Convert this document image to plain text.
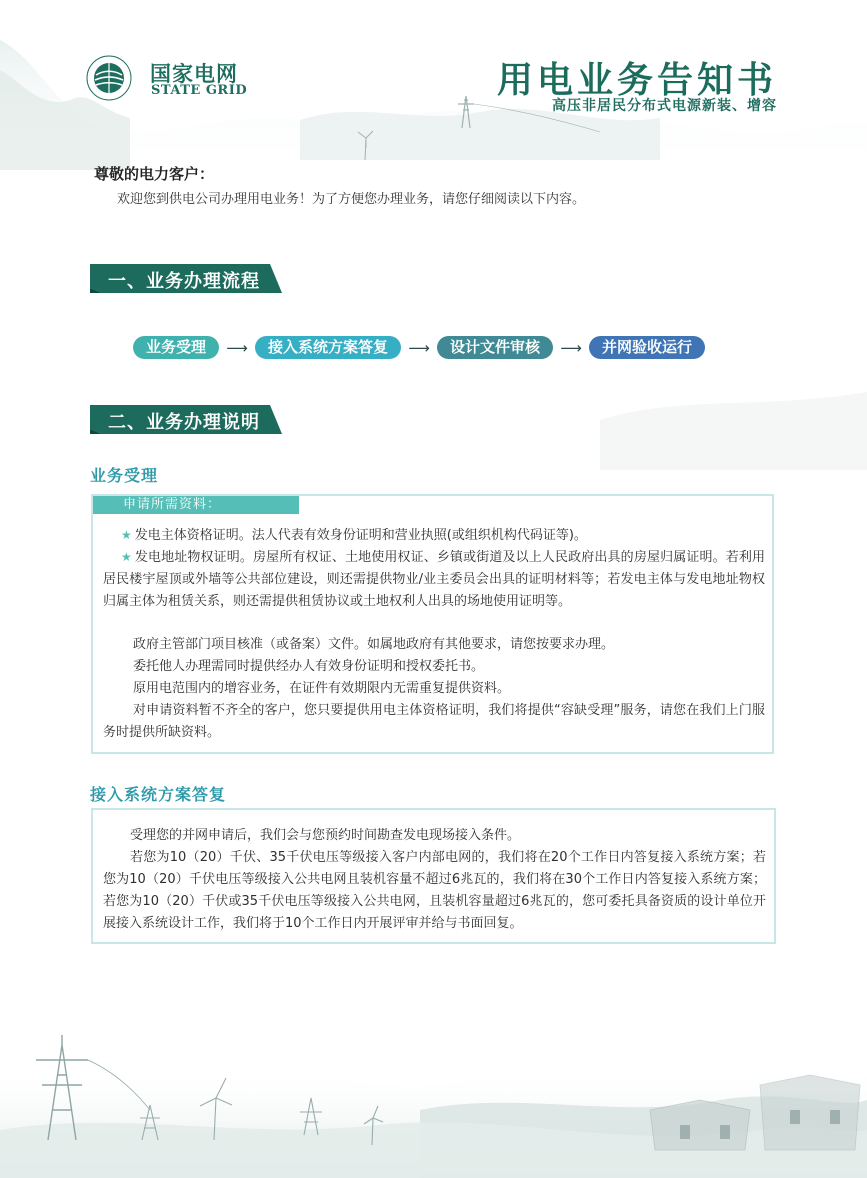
国家电网
STATE GRID	用电业务告知书
高压非居民分布式电源新装、增容
尊敬的电力客户：
欢迎您到供电公司办理用电业务！为了方便您办理业务，请您仔细阅读以下内容。
一、业务办理流程
业务受理	⟶	接入系统方案答复	⟶	设计文件审核	⟶	并网验收运行
二、业务办理说明
业务受理
申请所需资料：
★ 发电主体资格证明。法人代表有效身份证明和营业执照(或组织机构代码证等)。
★ 发电地址物权证明。房屋所有权证、土地使用权证、乡镇或街道及以上人民政府出具的房屋归属证明。若利用居民楼宇屋顶或外墙等公共部位建设，则还需提供物业/业主委员会出具的证明材料等；若发电主体与发电地址物权归属主体为租赁关系，则还需提供租赁协议或土地权利人出具的场地使用证明等。
政府主管部门项目核准（或备案）文件。如属地政府有其他要求，请您按要求办理。
委托他人办理需同时提供经办人有效身份证明和授权委托书。
原用电范围内的增容业务，在证件有效期限内无需重复提供资料。
对申请资料暂不齐全的客户，您只要提供用电主体资格证明，我们将提供“容缺受理”服务，请您在我们上门服务时提供所缺资料。
接入系统方案答复
受理您的并网申请后，我们会与您预约时间勘查发电现场接入条件。
若您为10（20）千伏、35千伏电压等级接入客户内部电网的，我们将在20个工作日内答复接入系统方案；若您为10（20）千伏电压等级接入公共电网且装机容量不超过6兆瓦的，我们将在30个工作日内答复接入系统方案；若您为10（20）千伏或35千伏电压等级接入公共电网，且装机容量超过6兆瓦的，您可委托具备资质的设计单位开展接入系统设计工作，我们将于10个工作日内开展评审并给与书面回复。
